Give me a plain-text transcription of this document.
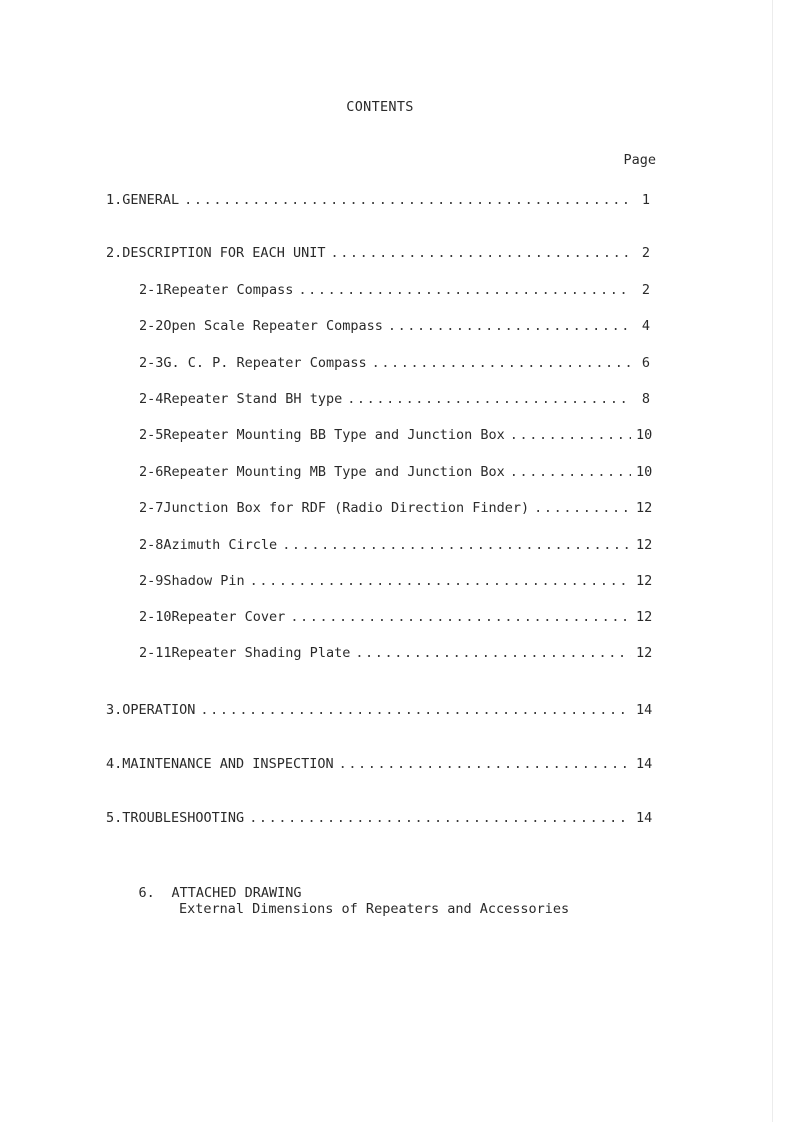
CONTENTS
Page
1. GENERAL .....	1
2. DESCRIPTION FOR EACH UNIT .....	2
2-1 Repeater Compass .....	2
2-2 Open Scale Repeater Compass .....	4
2-3 G. C. P. Repeater Compass .....	6
2-4 Repeater Stand BH type .....	8
2-5 Repeater Mounting BB Type and Junction Box .....	10
2-6 Repeater Mounting MB Type and Junction Box .....	10
2-7 Junction Box for RDF (Radio Direction Finder) .....	12
2-8 Azimuth Circle .....	12
2-9 Shadow Pin .....	12
2-10 Repeater Cover .....	12
2-11 Repeater Shading Plate .....	12
3. OPERATION .....	14
4. MAINTENANCE AND INSPECTION .....	14
5. TROUBLESHOOTING .....	14

6. ATTACHED DRAWING

External Dimensions of Repeaters and Accessories
